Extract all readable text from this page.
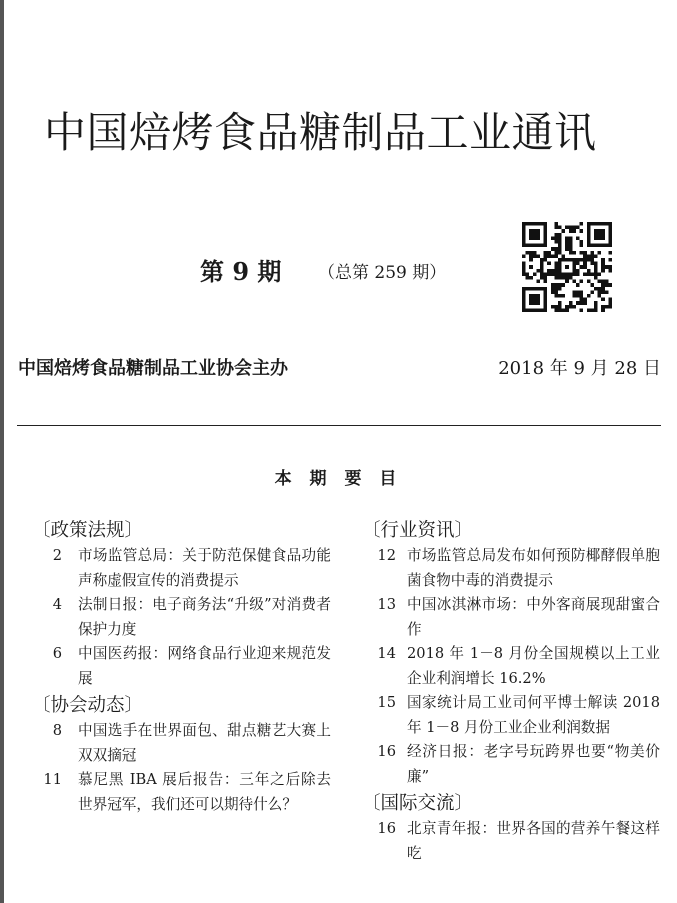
中国焙烤食品糖制品工业通讯
第 9 期 （总第 259 期）
中国焙烤食品糖制品工业协会主办	2018 年 9 月 28 日
本 期 要 目
〔政策法规〕
2 市场监管总局：关于防范保健食品功能声称虚假宣传的消费提示
4 法制日报：电子商务法“升级”对消费者保护力度
6 中国医药报：网络食品行业迎来规范发展
〔协会动态〕
8 中国选手在世界面包、甜点糖艺大赛上双双摘冠
11 慕尼黑 IBA 展后报告：三年之后除去世界冠军，我们还可以期待什么？
〔行业资讯〕
12 市场监管总局发布如何预防椰酵假单胞菌食物中毒的消费提示
13 中国冰淇淋市场：中外客商展现甜蜜合作
14 2018 年 1－8 月份全国规模以上工业企业利润增长 16.2%
15 国家统计局工业司何平博士解读 2018 年 1－8 月份工业企业利润数据
16 经济日报：老字号玩跨界也要“物美价廉”
〔国际交流〕
16 北京青年报：世界各国的营养午餐这样吃
